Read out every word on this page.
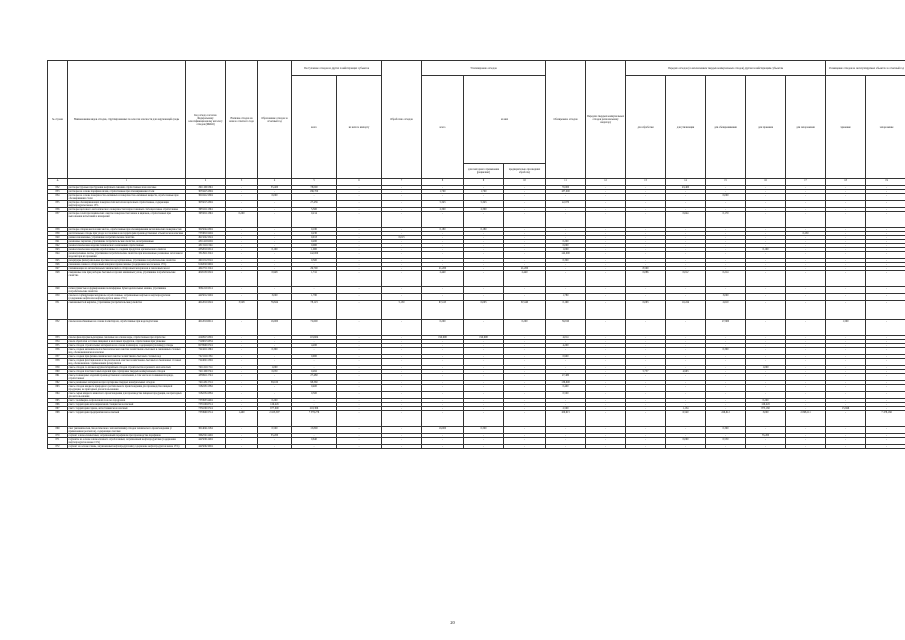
№ строки	Наименование видов отходов, сгруппированных по классам опасности для окружающей среды	Код отхода согласно Федеральному классификационному каталогу отходов (ФККО)	Наличие отходов на начало отчетного года	Образование отходов за отчетный год	Поступление отходов из других хозяйствующих субъектов		Обработано отходов	Утилизировано отходов			Обезврежено отходов	Передача твердых коммунальных отходов региональному оператору	Передача отходов (за исключением твердых коммунальных отходов) другим хозяйствующим субъектам					Размещение отходов на эксплуатируемых объектах за отчетный год	
					всего	из них по импорту		всего	из них				для обработки	для утилизации	для обезвреживания	для хранения	для захоронения	хранение	захоронение	
									для повторного применения (рециклинг)	предварительно прошедших обработку										
А	1	2	3	4	5	6	7	8	9	10	11	12	13	14	15	16	17	18	19	
832	растворы буровые при бурении нефтяных скважин отработанные малоопасные	29111001394	-	35,400	78,000	-	-	-	-	-	70,000	-	-	43,400	-	-	-	-	-	
833	растворы на основе парафина шлам, отработанные при обезжиривании стали	30334151394	-	-	186,700	-	-	1,700	1,700	-	187,000	-	-	-	-	-	-	-	-	
834	растворы на основе поверхностно-активных и поверхностно-активных веществ, отработанные при обезжиривании стали	36104121394	-	0,000	-	-	-	-	-	-	-	-	-	-	0,000	-	-	-	-	
835	растворы обезжиривающих поверхностей металлов щелочных отработанные, содержащие нефтепродукты менее 15%	36550151394	-	-	27,456	-	-	5,343	5,343	-	22,070	-	-	-	-	-	-	-	-	
836	растворы щелочного металлического поверхностей запрессованных слабощелочные отработанные	36552111394	-	-	5,300	-	-	2,300	2,300	-	-	-	-	-	-	-	-	-	-	
837	растворы солей при химических очистке поверхностей чашек и ящичков, отработанных при выполнении испытаний и измерений	36550111394	0,200	-	0,214	-	-	-	-	-	-	-	-	0,644	0,170	-	-	-	-	
838	растворы отпарки кислотами чисток, отработанные при обезжиривании металлических поверхностей	36250441394	-	-	0,180	-	-	0,180	0,180	-	-	-	-	-	-	-	-	-	-	
839	растительные отходы при уходе за газонами и на территории производственных объектов малоопасные	73338101204	-	-	0,230	-	-	-	-	-	-	-	-	-	-	-	0,230	-	-	
840	рашки изношенные, утратившие потребительские свойства	49132221524	-	-	0,013	-	0,013	-	-	-	-	-	-	-	-	-	-	-	-	
841	резиновые перчатки, утратившие потребительские свойства, незагрязненные	43114101204	-	-	0,200	-	-	-	-	-	0,200	-	-	-	-	-	-	-	-	
842	резинотехнические изделия технического назначения отработанные	43131111524	-	-	0,000	-	-	-	-	-	0,000	-	-	-	-	-	-	-	-	
843	резинотехнические изделия отработанные со следами продуктов органического синтеза	43320101514	-	0,100	1,000	-	-	-	-	-	1,000	-	-	-	-	0,100	-	-	-	
844	резиноткачевые ленты, утратившие потребительские свойства при изношенные резиновые заготовки и изделий при их хранении	33129111524	-	-	142,000	-	-	-	-	-	142,000	-	-	-	-	-	-	-	-	
845	резервуары фильтровальные противогазоадсорбционные, утратившие потребительские свойства	49110121524	-	-	0,300	-	-	-	-	-	0,300	-	-	-	-	-	-	-	-	
846	смазанная сеянка и обтирочный материал промасленные (содержание масла менее 15%)	91920201604	-	-	-	-	-	-	-	-	-	-	-	-	-	-	-	-	-	
847	смачивающие из автомобильных химических и обтирочных материалов и смазочных масел	40227111524	-	-	29,700	-	-	21,200	-	21,200	-	-	8,500	-	-	-	-	-	-	
848	смешанные лом при разборке бытовых и прочих машинных узлов, утратившие потребительские свойства	40291501524	-	0,948	1,741	-	-	2,440	-	2,440	-	-	0,086	0,012	0,214	-	-	-	-	
849	сетки пушистые и формирования полиэфирные бумагоделательных машин, утратившие потребительские свойства	30612191514	-	-	-	-	-	-	-	-	-	-	-	-	-	-	-	-	-	
850	смолы и сорбирующие материалы отработанные, загрязненные нефтью и нефтепродуктами (содержание нефти или нефтепродуктов менее 15%)	44250121294	-	3,000	1,780	-	-	-	-	-	1,780	-	-	-	3,000	-	-	-	-	
851	смешанный бой кирпича, утратившие (потребительские) свойства	46120101524	3,528	76,824	78,123	-	5,150	67,415	0,003	67,440	0,199	-	0,063	10,224	2,610	-	-	-	-	
852	смолы ионообменные на основе полистирола, отработанные при водоподготовке	46120102014	-	16,000	72,600	-	-	0,200	-	0,200	59,810	-	-	-	27,900	-	-	1,500	-	
853	смолы фенолформальдегидные смоленые на основе воды, отработанные при обработке	41409131394	-	-	119,604	-	-	190,998	190,998	-	4,014	-	-	-	-	-	-	-	-	
854	смола обработки остатков пищевых и молочных продуктов, отработанная при упаковке	71290131334	-	-	-	-	-	-	-	-	-	-	-	-	-	-	-	-	-	
855	смесь отходов строительных материалов на основе полимеров, содержащих (полимер) отходы	82799001724	-	-	4,200	-	-	-	-	-	4,200	-	-	-	-	-	-	-	-	
856	смесь осадков механической и биологической очистки хозяйственно-бытовых и смешанных сточных вод, обезвоженная малоопасная	72242111394	-	0,300	-	-	-	-	-	-	-	-	-	-	0,300	-	-	-	-	
857	смесь осадков при физико-химической очистке хозяйственно-бытовых сточных вод	72211111334	-	-	0,900	-	-	-	-	-	0,900	-	-	-	-	-	-	-	-	
858	смесь осадков флотационной и биологической очистки хозяйственно-бытовых и смешанных сточных вод, обезвоженная с применением флокулянтов	72240211394	-	-	-	-	-	-	-	-	-	-	-	-	-	-	-	-	-	
859	смесь отходов со шлаком крупногабаритных отходов строительства и ремонта малоопасных	74112111714	-	1,000	-	-	-	-	-	-	-	-	-	-	-	1,000	-	-	-	
860	смесь отходов пластмассовых изделий при сортировке твердых коммунальных отходов	74111001724	-	0,050	0,262	-	-	-	-	-	-	-	5,757	4,963	-	-	-	-	-	
861	смесь полимерных изделий производственного назначения, в том числе из поливинилхлорида, отработанных	43399111724	-	-	27,480	-	-	-	-	-	27,480	-	-	-	-	-	-	-	-	
862	смесь резиновых материалов при сортировке твердых коммунальных отходов	74114311714	-	38,100	98,360	-	-	-	-	-	136,600	-	-	-	-	-	-	-	-	
863	смесь отходов жидкого природного растительного происхождения для производства пищевой продукции, не пригодных для использования	31822311384	-	-	0,400	-	-	-	-	-	0,400	-	-	-	-	-	-	-	-	
864	смесь сырья жидкого животного происхождения для производства пищевой продукции, не пригодных для использования	31822341384	-	-	0,500	-	-	-	-	-	0,500	-	-	-	-	-	-	-	-	
865	смет с полимерно-асфальтовой полосы аэродромов	73339331494	-	0,200	-	-	-	-	-	-	-	-	-	-	-	0,200	-	-	-	
866	смет с территории автозаправочной станции малоопасный	73331002714	-	129,445	-	-	-	-	-	-	-	-	-	-	-	129,445	-	-	-	
867	смет с территории гаража, автостоянки малоопасный	73310001724	-	677,600	218,306	-	-	-	-	-	2,500	-	-	1,154	-	875,160	-	15,846	-	
868	смет с территории предприятия малоопасный	73339001714	1,400	2 163,597	7 578,276	-	-	-	-	-	100,915	-	-	6,540	226,612	3,000	2 098,111	-	7 478,166	
869	снег (механическая, биологическая с автомобилями) отходов технического происхождения (с применением реагентов), содержащие снегами	36140412184	-	0,500	15,800	-	-	16,000	0,300	-	-	-	-	-	0,300	-	-	-	-	
870	сорбент алюмосиликатный, загрязненный парафином при производстве парафинов	30625211494	-	35,200	-	-	-	-	-	-	-	-	-	-	-	35,200	-	-	-	
871	сорбенты на основе алюмосиликата отработанный, загрязненный нефтепродуктами (содержание нефтепродуктов менее 15%)	44250012494	-	-	0,640	-	-	-	-	-	-	-	-	0,090	0,550	-	-	-	-	
872	сорбент на основе глины, загрязненный нефтепродуктами (содержание нефтепродуктов менее 15%)	44250021004	-	-	-	-	-	-	-	-	-	-	-	-	-	-	-	-	-	
20
